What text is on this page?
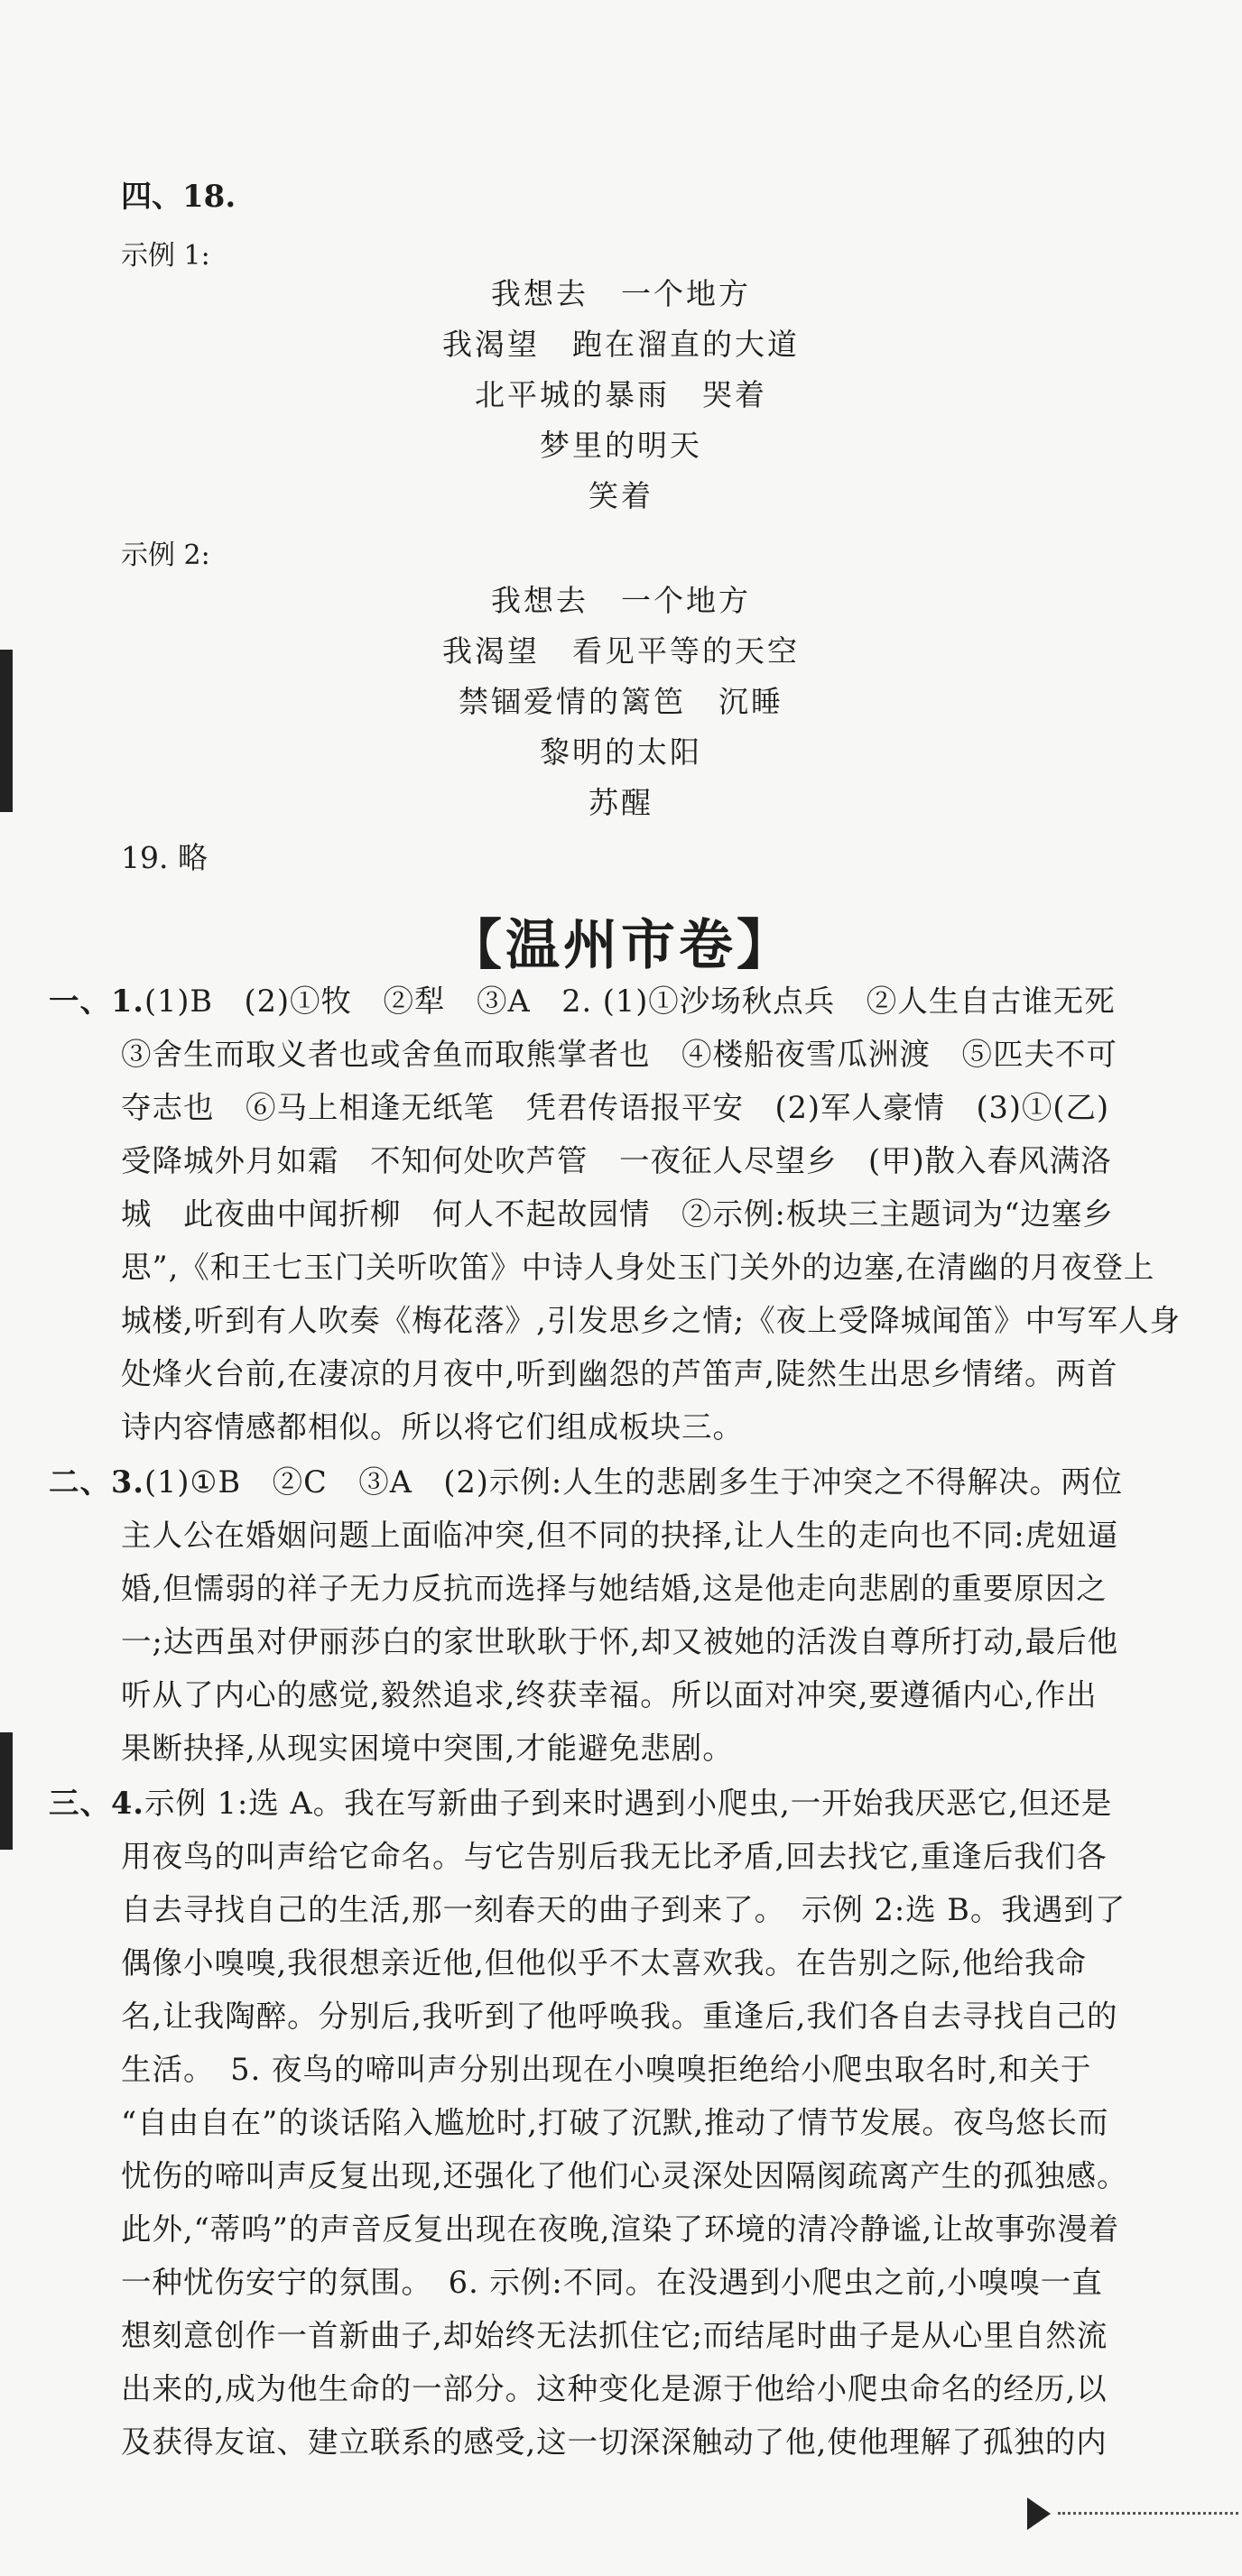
四、18.
示例 1:
我想去　一个地方
我渴望　跑在溜直的大道
北平城的暴雨　哭着
梦里的明天
笑着
示例 2:
我想去　一个地方
我渴望　看见平等的天空
禁锢爱情的篱笆　沉睡
黎明的太阳
苏醒
19. 略
【温州市卷】
一、1.(1)B　(2)①牧　②犁　③A　2. (1)①沙场秋点兵　②人生自古谁无死
③舍生而取义者也或舍鱼而取熊掌者也　④楼船夜雪瓜洲渡　⑤匹夫不可
夺志也　⑥马上相逢无纸笔　凭君传语报平安　(2)军人豪情　(3)①(乙)
受降城外月如霜　不知何处吹芦管　一夜征人尽望乡　(甲)散入春风满洛
城　此夜曲中闻折柳　何人不起故园情　②示例:板块三主题词为“边塞乡
思”,《和王七玉门关听吹笛》中诗人身处玉门关外的边塞,在清幽的月夜登上
城楼,听到有人吹奏《梅花落》,引发思乡之情;《夜上受降城闻笛》中写军人身
处烽火台前,在凄凉的月夜中,听到幽怨的芦笛声,陡然生出思乡情绪。两首
诗内容情感都相似。所以将它们组成板块三。
二、3.(1)①B　②C　③A　(2)示例:人生的悲剧多生于冲突之不得解决。两位
主人公在婚姻问题上面临冲突,但不同的抉择,让人生的走向也不同:虎妞逼
婚,但懦弱的祥子无力反抗而选择与她结婚,这是他走向悲剧的重要原因之
一;达西虽对伊丽莎白的家世耿耿于怀,却又被她的活泼自尊所打动,最后他
听从了内心的感觉,毅然追求,终获幸福。所以面对冲突,要遵循内心,作出
果断抉择,从现实困境中突围,才能避免悲剧。
三、4.示例 1:选 A。我在写新曲子到来时遇到小爬虫,一开始我厌恶它,但还是
用夜鸟的叫声给它命名。与它告别后我无比矛盾,回去找它,重逢后我们各
自去寻找自己的生活,那一刻春天的曲子到来了。　示例 2:选 B。我遇到了
偶像小嗅嗅,我很想亲近他,但他似乎不太喜欢我。在告别之际,他给我命
名,让我陶醉。分别后,我听到了他呼唤我。重逢后,我们各自去寻找自己的
生活。　5. 夜鸟的啼叫声分别出现在小嗅嗅拒绝给小爬虫取名时,和关于
“自由自在”的谈话陷入尴尬时,打破了沉默,推动了情节发展。夜鸟悠长而
忧伤的啼叫声反复出现,还强化了他们心灵深处因隔阂疏离产生的孤独感。
此外,“蒂呜”的声音反复出现在夜晚,渲染了环境的清冷静谧,让故事弥漫着
一种忧伤安宁的氛围。　6. 示例:不同。在没遇到小爬虫之前,小嗅嗅一直
想刻意创作一首新曲子,却始终无法抓住它;而结尾时曲子是从心里自然流
出来的,成为他生命的一部分。这种变化是源于他给小爬虫命名的经历,以
及获得友谊、建立联系的感受,这一切深深触动了他,使他理解了孤独的内
